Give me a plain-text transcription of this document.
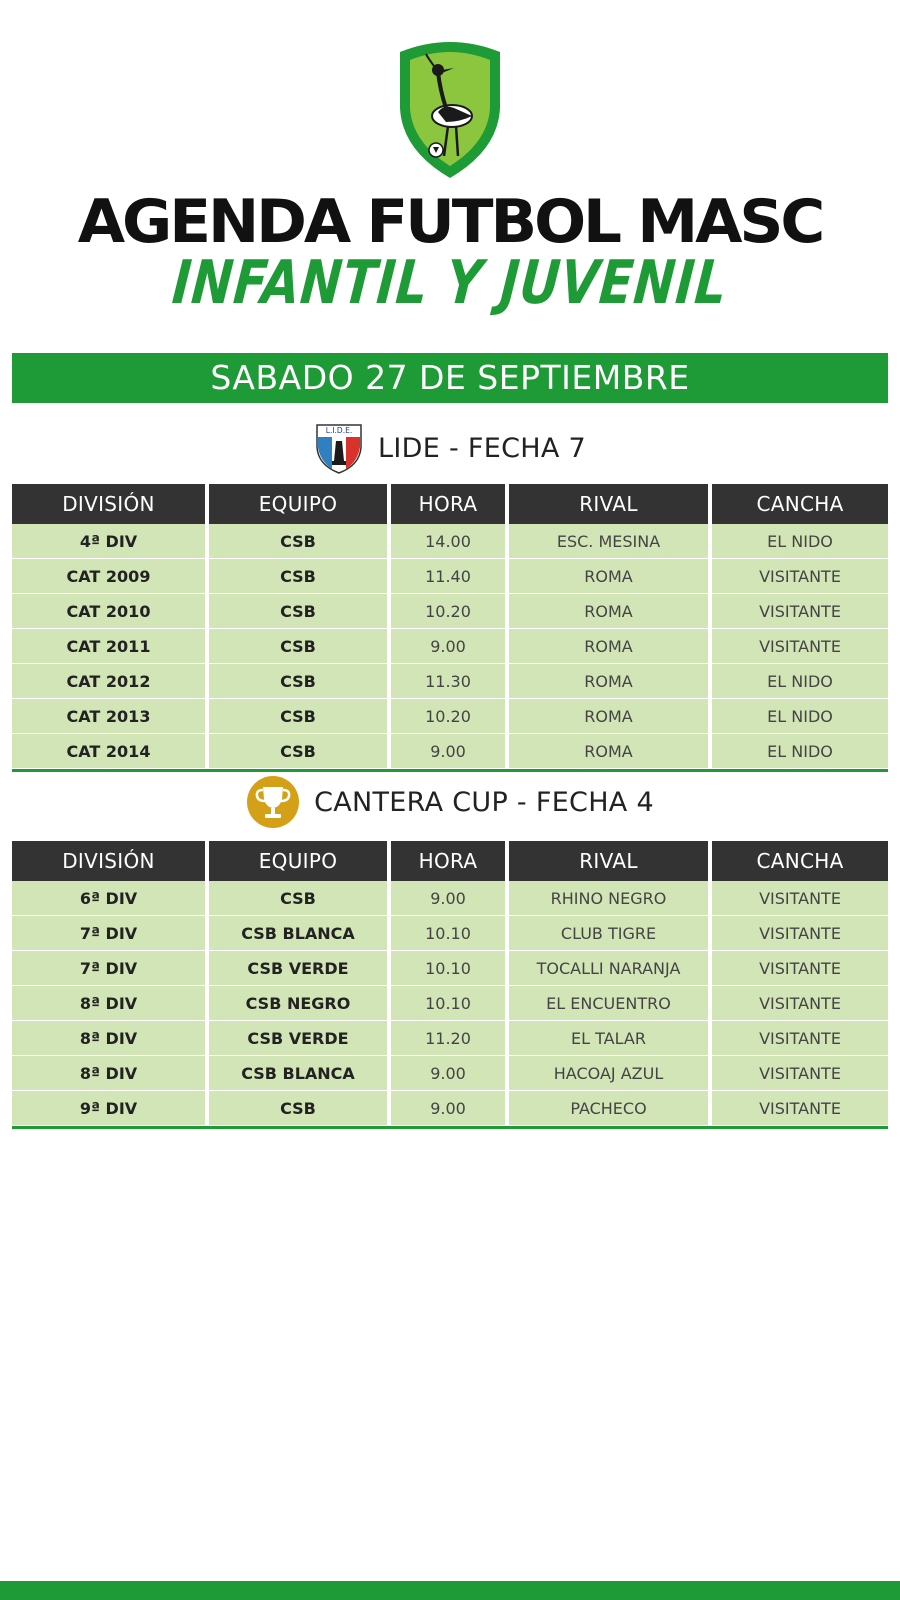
AGENDA FUTBOL MASC
INFANTIL Y JUVENIL
SABADO 27 DE SEPTIEMBRE
L.I.D.E.
LIDE - FECHA 7
DIVISIÓN	EQUIPO	HORA	RIVAL	CANCHA
4ª DIV	CSB	14.00	ESC. MESINA	EL NIDO
CAT 2009	CSB	11.40	ROMA	VISITANTE
CAT 2010	CSB	10.20	ROMA	VISITANTE
CAT 2011	CSB	9.00	ROMA	VISITANTE
CAT 2012	CSB	11.30	ROMA	EL NIDO
CAT 2013	CSB	10.20	ROMA	EL NIDO
CAT 2014	CSB	9.00	ROMA	EL NIDO
CANTERA CUP - FECHA 4
DIVISIÓN	EQUIPO	HORA	RIVAL	CANCHA
6ª DIV	CSB	9.00	RHINO NEGRO	VISITANTE
7ª DIV	CSB BLANCA	10.10	CLUB TIGRE	VISITANTE
7ª DIV	CSB VERDE	10.10	TOCALLI NARANJA	VISITANTE
8ª DIV	CSB NEGRO	10.10	EL ENCUENTRO	VISITANTE
8ª DIV	CSB VERDE	11.20	EL TALAR	VISITANTE
8ª DIV	CSB BLANCA	9.00	HACOAJ AZUL	VISITANTE
9ª DIV	CSB	9.00	PACHECO	VISITANTE
